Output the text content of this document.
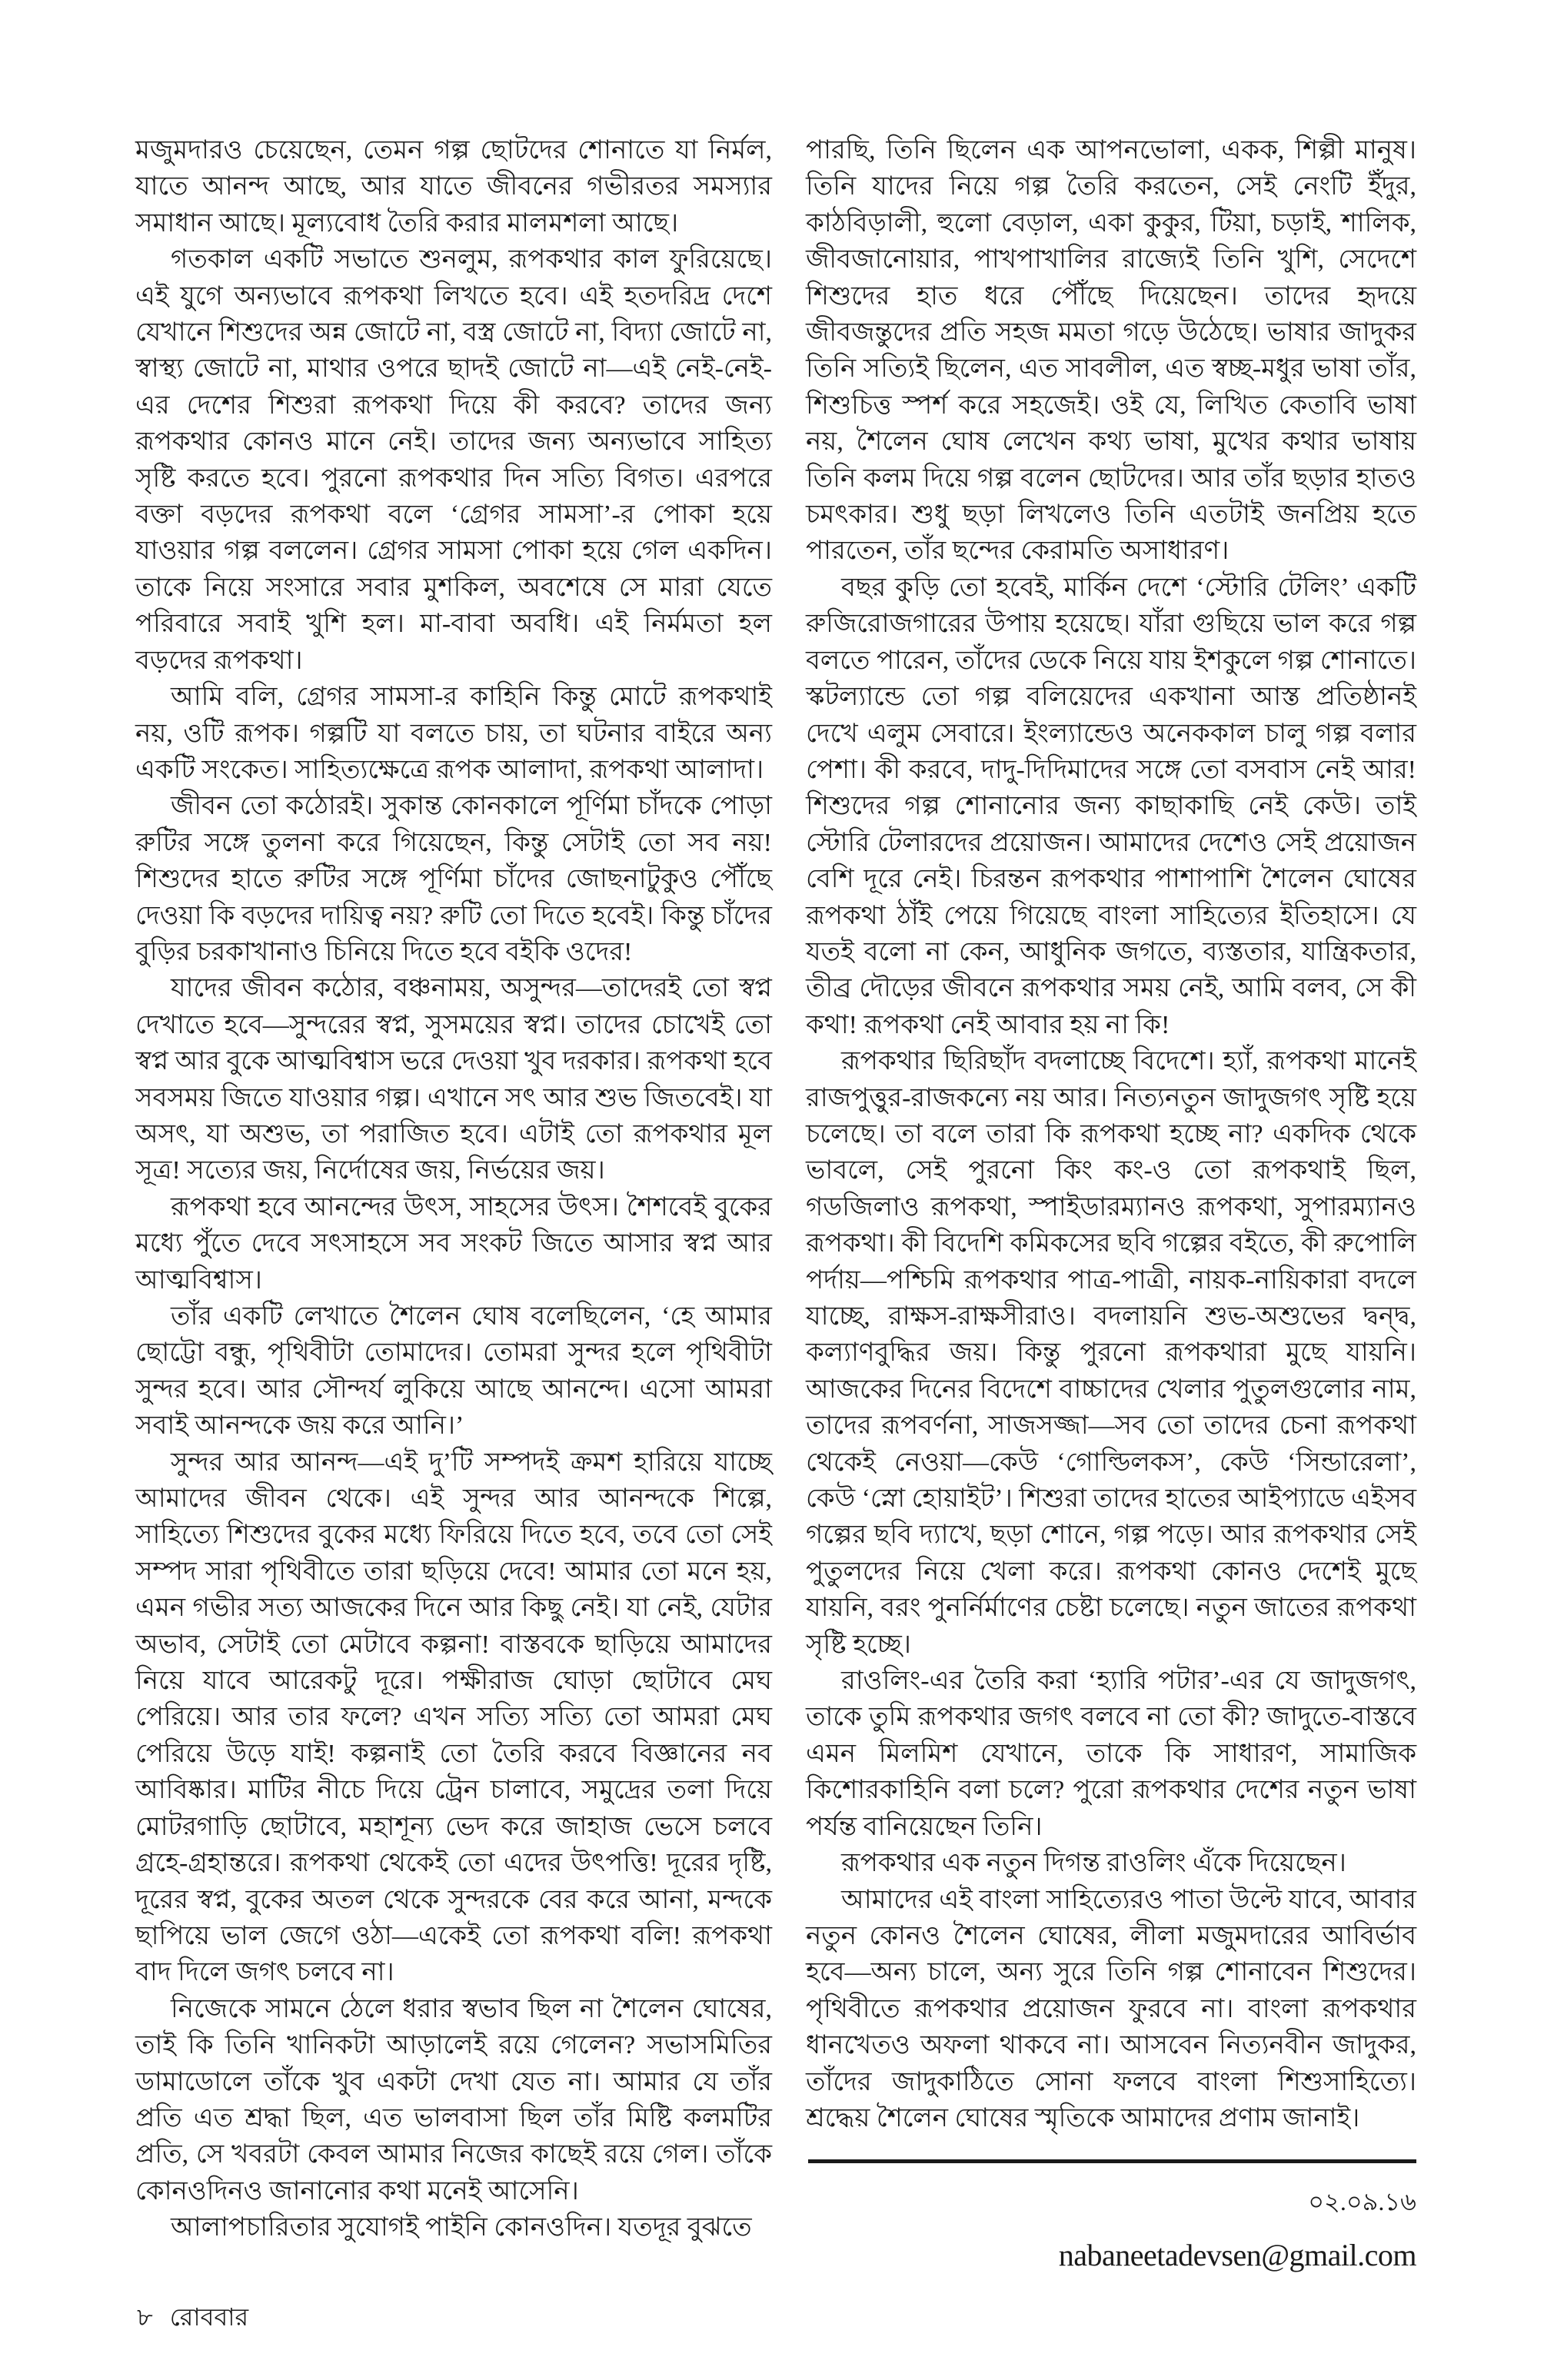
মজুমদারও চেয়েছেন, তেমন গল্প ছোটদের শোনাতে যা নির্মল, যাতে আনন্দ আছে, আর যাতে জীবনের গভীরতর সমস্যার সমাধান আছে। মূল্যবোধ তৈরি করার মালমশলা আছে।

গতকাল একটি সভাতে শুনলুম, রূপকথার কাল ফুরিয়েছে। এই যুগে অন্যভাবে রূপকথা লিখতে হবে। এই হতদরিদ্র দেশে যেখানে শিশুদের অন্ন জোটে না, বস্ত্র জোটে না, বিদ্যা জোটে না, স্বাস্থ্য জোটে না, মাথার ওপরে ছাদই জোটে না—এই নেই-নেই-এর দেশের শিশুরা রূপকথা দিয়ে কী করবে? তাদের জন্য রূপকথার কোনও মানে নেই। তাদের জন্য অন্যভাবে সাহিত্য সৃষ্টি করতে হবে। পুরনো রূপকথার দিন সত্যি বিগত। এরপরে বক্তা বড়দের রূপকথা বলে ‘গ্রেগর সামসা’-র পোকা হয়ে যাওয়ার গল্প বললেন। গ্রেগর সামসা পোকা হয়ে গেল একদিন। তাকে নিয়ে সংসারে সবার মুশকিল, অবশেষে সে মারা যেতে পরিবারে সবাই খুশি হল। মা-বাবা অবধি। এই নির্মমতা হল বড়দের রূপকথা।

আমি বলি, গ্রেগর সামসা-র কাহিনি কিন্তু মোটে রূপকথাই নয়, ওটি রূপক। গল্পটি যা বলতে চায়, তা ঘটনার বাইরে অন্য একটি সংকেত। সাহিত্যক্ষেত্রে রূপক আলাদা, রূপকথা আলাদা।

জীবন তো কঠোরই। সুকান্ত কোনকালে পূর্ণিমা চাঁদকে পোড়া রুটির সঙ্গে তুলনা করে গিয়েছেন, কিন্তু সেটাই তো সব নয়! শিশুদের হাতে রুটির সঙ্গে পূর্ণিমা চাঁদের জোছনাটুকুও পৌঁছে দেওয়া কি বড়দের দায়িত্ব নয়? রুটি তো দিতে হবেই। কিন্তু চাঁদের বুড়ির চরকাখানাও চিনিয়ে দিতে হবে বইকি ওদের!

যাদের জীবন কঠোর, বঞ্চনাময়, অসুন্দর—তাদেরই তো স্বপ্ন দেখাতে হবে—সুন্দরের স্বপ্ন, সুসময়ের স্বপ্ন। তাদের চোখেই তো স্বপ্ন আর বুকে আত্মবিশ্বাস ভরে দেওয়া খুব দরকার। রূপকথা হবে সবসময় জিতে যাওয়ার গল্প। এখানে সৎ আর শুভ জিতবেই। যা অসৎ, যা অশুভ, তা পরাজিত হবে। এটাই তো রূপকথার মূল সূত্র! সত্যের জয়, নির্দোষের জয়, নির্ভয়ের জয়।

রূপকথা হবে আনন্দের উৎস, সাহসের উৎস। শৈশবেই বুকের মধ্যে পুঁতে দেবে সৎসাহসে সব সংকট জিতে আসার স্বপ্ন আর আত্মবিশ্বাস।

তাঁর একটি লেখাতে শৈলেন ঘোষ বলেছিলেন, ‘হে আমার ছোট্টো বন্ধু, পৃথিবীটা তোমাদের। তোমরা সুন্দর হলে পৃথিবীটা সুন্দর হবে। আর সৌন্দর্য লুকিয়ে আছে আনন্দে। এসো আমরা সবাই আনন্দকে জয় করে আনি।’

সুন্দর আর আনন্দ—এই দু’টি সম্পদই ক্রমশ হারিয়ে যাচ্ছে আমাদের জীবন থেকে। এই সুন্দর আর আনন্দকে শিল্পে, সাহিত্যে শিশুদের বুকের মধ্যে ফিরিয়ে দিতে হবে, তবে তো সেই সম্পদ সারা পৃথিবীতে তারা ছড়িয়ে দেবে! আমার তো মনে হয়, এমন গভীর সত্য আজকের দিনে আর কিছু নেই। যা নেই, যেটার অভাব, সেটাই তো মেটাবে কল্পনা! বাস্তবকে ছাড়িয়ে আমাদের নিয়ে যাবে আরেকটু দূরে। পক্ষীরাজ ঘোড়া ছোটাবে মেঘ পেরিয়ে। আর তার ফলে? এখন সত্যি সত্যি তো আমরা মেঘ পেরিয়ে উড়ে যাই! কল্পনাই তো তৈরি করবে বিজ্ঞানের নব আবিষ্কার। মাটির নীচে দিয়ে ট্রেন চালাবে, সমুদ্রের তলা দিয়ে মোটরগাড়ি ছোটাবে, মহাশূন্য ভেদ করে জাহাজ ভেসে চলবে গ্রহে-গ্রহান্তরে। রূপকথা থেকেই তো এদের উৎপত্তি! দূরের দৃষ্টি, দূরের স্বপ্ন, বুকের অতল থেকে সুন্দরকে বের করে আনা, মন্দকে ছাপিয়ে ভাল জেগে ওঠা—একেই তো রূপকথা বলি! রূপকথা বাদ দিলে জগৎ চলবে না।

নিজেকে সামনে ঠেলে ধরার স্বভাব ছিল না শৈলেন ঘোষের, তাই কি তিনি খানিকটা আড়ালেই রয়ে গেলেন? সভাসমিতির ডামাডোলে তাঁকে খুব একটা দেখা যেত না। আমার যে তাঁর প্রতি এত শ্রদ্ধা ছিল, এত ভালবাসা ছিল তাঁর মিষ্টি কলমটির প্রতি, সে খবরটা কেবল আমার নিজের কাছেই রয়ে গেল। তাঁকে কোনওদিনও জানানোর কথা মনেই আসেনি।

আলাপচারিতার সুযোগই পাইনি কোনওদিন। যতদূর বুঝতে

পারছি, তিনি ছিলেন এক আপনভোলা, একক, শিল্পী মানুষ। তিনি যাদের নিয়ে গল্প তৈরি করতেন, সেই নেংটি ইঁদুর, কাঠবিড়ালী, হুলো বেড়াল, একা কুকুর, টিয়া, চড়াই, শালিক, জীবজানোয়ার, পাখপাখালির রাজ্যেই তিনি খুশি, সেদেশে শিশুদের হাত ধরে পৌঁছে দিয়েছেন। তাদের হৃদয়ে জীবজন্তুদের প্রতি সহজ মমতা গড়ে উঠেছে। ভাষার জাদুকর তিনি সত্যিই ছিলেন, এত সাবলীল, এত স্বচ্ছ-মধুর ভাষা তাঁর, শিশুচিত্ত স্পর্শ করে সহজেই। ওই যে, লিখিত কেতাবি ভাষা নয়, শৈলেন ঘোষ লেখেন কথ্য ভাষা, মুখের কথার ভাষায় তিনি কলম দিয়ে গল্প বলেন ছোটদের। আর তাঁর ছড়ার হাতও চমৎকার। শুধু ছড়া লিখলেও তিনি এতটাই জনপ্রিয় হতে পারতেন, তাঁর ছন্দের কেরামতি অসাধারণ।

বছর কুড়ি তো হবেই, মার্কিন দেশে ‘স্টোরি টেলিং’ একটি রুজিরোজগারের উপায় হয়েছে। যাঁরা গুছিয়ে ভাল করে গল্প বলতে পারেন, তাঁদের ডেকে নিয়ে যায় ইশকুলে গল্প শোনাতে। স্কটল্যান্ডে তো গল্প বলিয়েদের একখানা আস্ত প্রতিষ্ঠানই দেখে এলুম সেবারে। ইংল্যান্ডেও অনেককাল চালু গল্প বলার পেশা। কী করবে, দাদু-দিদিমাদের সঙ্গে তো বসবাস নেই আর! শিশুদের গল্প শোনানোর জন্য কাছাকাছি নেই কেউ। তাই স্টোরি টেলারদের প্রয়োজন। আমাদের দেশেও সেই প্রয়োজন বেশি দূরে নেই। চিরন্তন রূপকথার পাশাপাশি শৈলেন ঘোষের রূপকথা ঠাঁই পেয়ে গিয়েছে বাংলা সাহিত্যের ইতিহাসে। যে যতই বলো না কেন, আধুনিক জগতে, ব্যস্ততার, যান্ত্রিকতার, তীব্র দৌড়ের জীবনে রূপকথার সময় নেই, আমি বলব, সে কী কথা! রূপকথা নেই আবার হয় না কি!

রূপকথার ছিরিছাঁদ বদলাচ্ছে বিদেশে। হ্যাঁ, রূপকথা মানেই রাজপুত্তুর-রাজকন্যে নয় আর। নিত্যনতুন জাদুজগৎ সৃষ্টি হয়ে চলেছে। তা বলে তারা কি রূপকথা হচ্ছে না? একদিক থেকে ভাবলে, সেই পুরনো কিং কং-ও তো রূপকথাই ছিল, গডজিলাও রূপকথা, স্পাইডারম্যানও রূপকথা, সুপারম্যানও রূপকথা। কী বিদেশি কমিকসের ছবি গল্পের বইতে, কী রুপোলি পর্দায়—পশ্চিমি রূপকথার পাত্র-পাত্রী, নায়ক-নায়িকারা বদলে যাচ্ছে, রাক্ষস-রাক্ষসীরাও। বদলায়নি শুভ-অশুভের দ্বন্দ্ব, কল্যাণবুদ্ধির জয়। কিন্তু পুরনো রূপকথারা মুছে যায়নি। আজকের দিনের বিদেশে বাচ্চাদের খেলার পুতুলগুলোর নাম, তাদের রূপবর্ণনা, সাজসজ্জা—সব তো তাদের চেনা রূপকথা থেকেই নেওয়া—কেউ ‘গোল্ডিলকস’, কেউ ‘সিন্ডারেলা’, কেউ ‘স্নো হোয়াইট’। শিশুরা তাদের হাতের আইপ্যাডে এইসব গল্পের ছবি দ্যাখে, ছড়া শোনে, গল্প পড়ে। আর রূপকথার সেই পুতুলদের নিয়ে খেলা করে। রূপকথা কোনও দেশেই মুছে যায়নি, বরং পুনর্নির্মাণের চেষ্টা চলেছে। নতুন জাতের রূপকথা সৃষ্টি হচ্ছে।

রাওলিং-এর তৈরি করা ‘হ্যারি পটার’-এর যে জাদুজগৎ, তাকে তুমি রূপকথার জগৎ বলবে না তো কী? জাদুতে-বাস্তবে এমন মিলমিশ যেখানে, তাকে কি সাধারণ, সামাজিক কিশোরকাহিনি বলা চলে? পুরো রূপকথার দেশের নতুন ভাষা পর্যন্ত বানিয়েছেন তিনি।

রূপকথার এক নতুন দিগন্ত রাওলিং এঁকে দিয়েছেন।

আমাদের এই বাংলা সাহিত্যেরও পাতা উল্টে যাবে, আবার নতুন কোনও শৈলেন ঘোষের, লীলা মজুমদারের আবির্ভাব হবে—অন্য চালে, অন্য সুরে তিনি গল্প শোনাবেন শিশুদের। পৃথিবীতে রূপকথার প্রয়োজন ফুরবে না। বাংলা রূপকথার ধানখেতও অফলা থাকবে না। আসবেন নিত্যনবীন জাদুকর, তাঁদের জাদুকাঠিতে সোনা ফলবে বাংলা শিশুসাহিত্যে। শ্রদ্ধেয় শৈলেন ঘোষের স্মৃতিকে আমাদের প্রণাম জানাই।

০২.০৯.১৬
nabaneetadevsen@gmail.com
৮ রোববার
